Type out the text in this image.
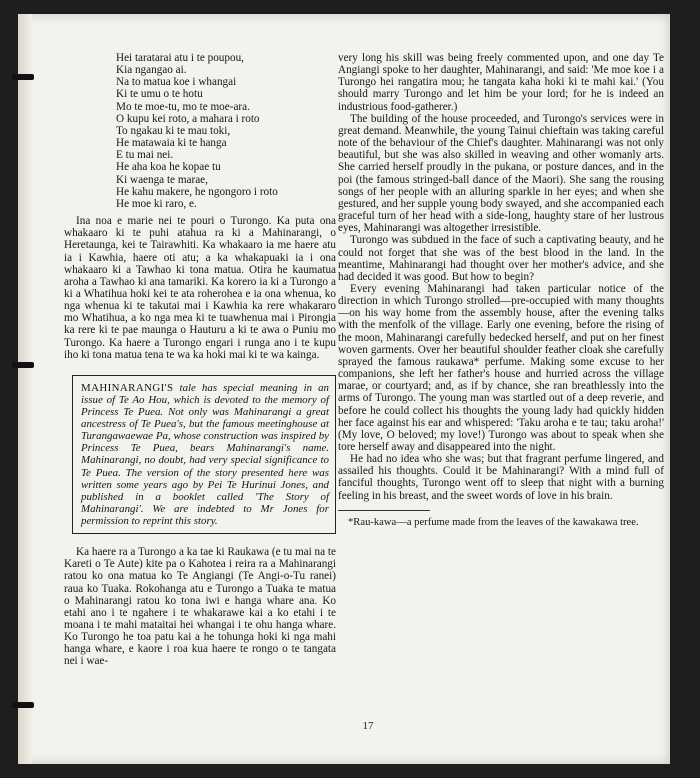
Hei taratarai atu i te poupou,
Kia ngangao ai.
Na to matua koe i whangai
Ki te umu o te hotu
Mo te moe-tu, mo te moe-ara.
O kupu kei roto, a mahara i roto
To ngakau ki te mau toki,
He matawaia ki te hanga
E tu mai nei.
He aha koa he kopae tu
Ki waenga te marae,
He kahu makere, he ngongoro i roto
He moe ki raro, e.

Ina noa e marie nei te pouri o Turongo. Ka puta ona whakaaro ki te puhi atahua ra ki a Mahinarangi, o Heretaunga, kei te Tairawhiti. Ka whakaaro ia me haere atu ia i Kawhia, haere oti atu; a ka whakapuaki ia i ona whakaaro ki a Tawhao ki tona matua. Otira he kaumatua aroha a Tawhao ki ana tamariki. Ka korero ia ki a Turongo a ki a Whatihua hoki kei te ata roherohea e ia ona whenua, ko nga whenua ki te takutai mai i Kawhia ka rere whakararo mo Whatihua, a ko nga mea ki te tuawhenua mai i Pirongia ka rere ki te pae maunga o Hauturu a ki te awa o Puniu mo Turongo. Ka haere a Turongo engari i runga ano i te kupu iho ki tona matua tena te wa ka hoki mai ki te wa kainga.

MAHINARANGI'S tale has special meaning in an issue of Te Ao Hou, which is devoted to the memory of Princess Te Puea. Not only was Mahinarangi a great ancestress of Te Puea's, but the famous meetinghouse at Turangawaewae Pa, whose construction was inspired by Princess Te Puea, bears Mahinarangi's name. Mahinarangi, no doubt, had very special significance to Te Puea. The version of the story presented here was written some years ago by Pei Te Hurinui Jones, and published in a booklet called 'The Story of Mahinarangi'. We are indebted to Mr Jones for permission to reprint this story.

Ka haere ra a Turongo a ka tae ki Raukawa (e tu mai na te Kareti o Te Aute) kite pa o Kahotea i reira ra a Mahinarangi ratou ko ona matua ko Te Angiangi (Te Angi-o-Tu ranei) raua ko Tuaka. Rokohanga atu e Turongo a Tuaka te matua o Mahinarangi ratou ko tona iwi e hanga whare ana. Ko etahi ano i te ngahere i te whakarawe kai a ko etahi i te moana i te mahi mataitai hei whangai i te ohu hanga whare. Ko Turongo he toa patu kai a he tohunga hoki ki nga mahi hanga whare, e kaore i roa kua haere te rongo o te tangata nei i wae-

very long his skill was being freely commented upon, and one day Te Angiangi spoke to her daughter, Mahinarangi, and said: 'Me moe koe i a Turongo hei rangatira mou; he tangata kaha hoki ki te mahi kai.' (You should marry Turongo and let him be your lord; for he is indeed an industrious food-gatherer.)

The building of the house proceeded, and Turongo's services were in great demand. Meanwhile, the young Tainui chieftain was taking careful note of the behaviour of the Chief's daughter. Mahinarangi was not only beautiful, but she was also skilled in weaving and other womanly arts. She carried herself proudly in the pukana, or posture dances, and in the poi (the famous stringed-ball dance of the Maori). She sang the rousing songs of her people with an alluring sparkle in her eyes; and when she gestured, and her supple young body swayed, and she accompanied each graceful turn of her head with a side-long, haughty stare of her lustrous eyes, Mahinarangi was altogether irresistible.

Turongo was subdued in the face of such a captivating beauty, and he could not forget that she was of the best blood in the land. In the meantime, Mahinarangi had thought over her mother's advice, and she had decided it was good. But how to begin?

Every evening Mahinarangi had taken particular notice of the direction in which Turongo strolled—pre-occupied with many thoughts—on his way home from the assembly house, after the evening talks with the menfolk of the village. Early one evening, before the rising of the moon, Mahinarangi carefully bedecked herself, and put on her finest woven garments. Over her beautiful shoulder feather cloak she carefully sprayed the famous raukawa* perfume. Making some excuse to her companions, she left her father's house and hurried across the village marae, or courtyard; and, as if by chance, she ran breathlessly into the arms of Turongo. The young man was startled out of a deep reverie, and before he could collect his thoughts the young lady had quickly hidden her face against his ear and whispered: 'Taku aroha e te tau; taku aroha!' (My love, O beloved; my love!) Turongo was about to speak when she tore herself away and disappeared into the night.

He had no idea who she was; but that fragrant perfume lingered, and assailed his thoughts. Could it be Mahinarangi? With a mind full of fanciful thoughts, Turongo went off to sleep that night with a burning feeling in his breast, and the sweet words of love in his brain.

*Rau-kawa—a perfume made from the leaves of the kawakawa tree.

17
